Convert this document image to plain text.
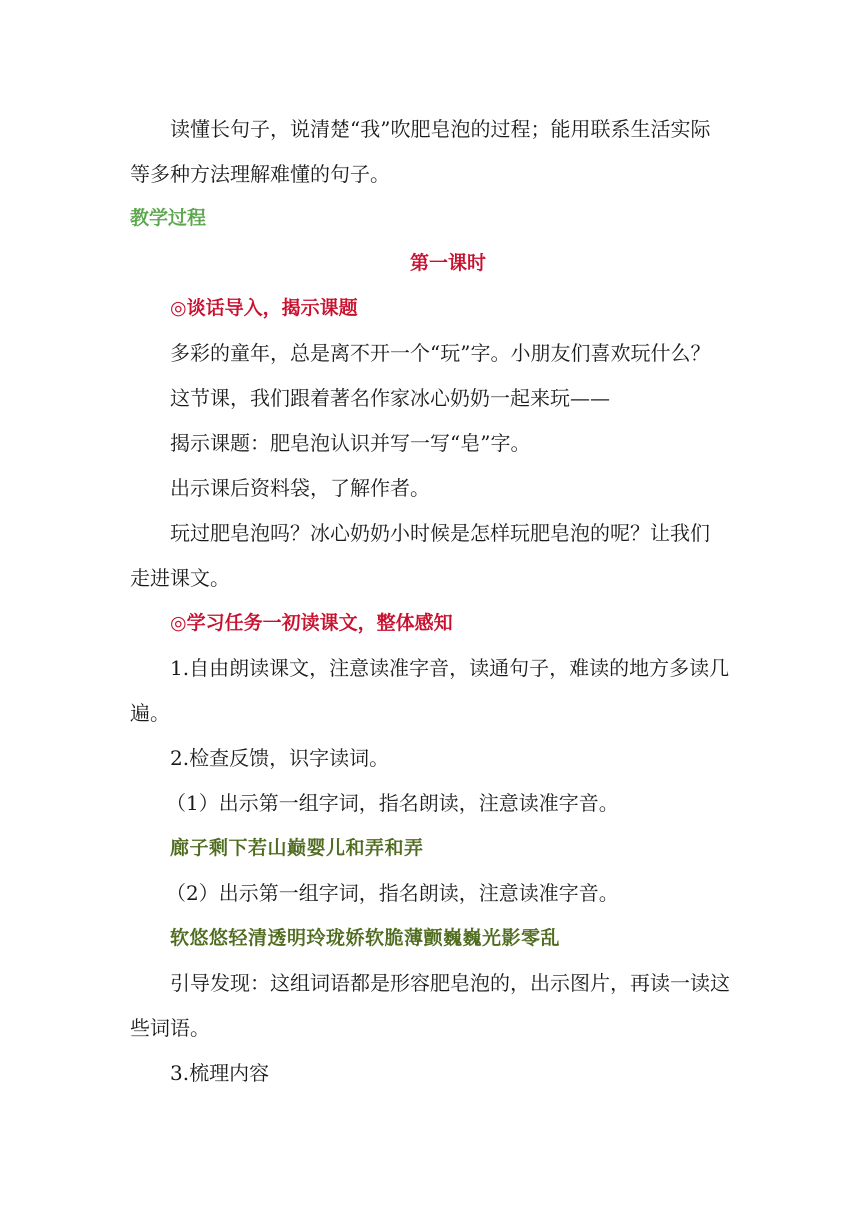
读懂长句子，说清楚“我”吹肥皂泡的过程；能用联系生活实际
等多种方法理解难懂的句子。
教学过程
第一课时
◎谈话导入，揭示课题
多彩的童年，总是离不开一个“玩”字。小朋友们喜欢玩什么？
这节课，我们跟着著名作家冰心奶奶一起来玩——
揭示课题：肥皂泡认识并写一写“皂”字。
出示课后资料袋，了解作者。
玩过肥皂泡吗？冰心奶奶小时候是怎样玩肥皂泡的呢？让我们
走进课文。
◎学习任务一初读课文，整体感知
1.自由朗读课文，注意读准字音，读通句子，难读的地方多读几
遍。
2.检查反馈，识字读词。
（1）出示第一组字词，指名朗读，注意读准字音。
廊子剩下若山巅婴儿和弄和弄
（2）出示第一组字词，指名朗读，注意读准字音。
软悠悠轻清透明玲珑娇软脆薄颤巍巍光影零乱
引导发现：这组词语都是形容肥皂泡的，出示图片，再读一读这
些词语。
3.梳理内容
